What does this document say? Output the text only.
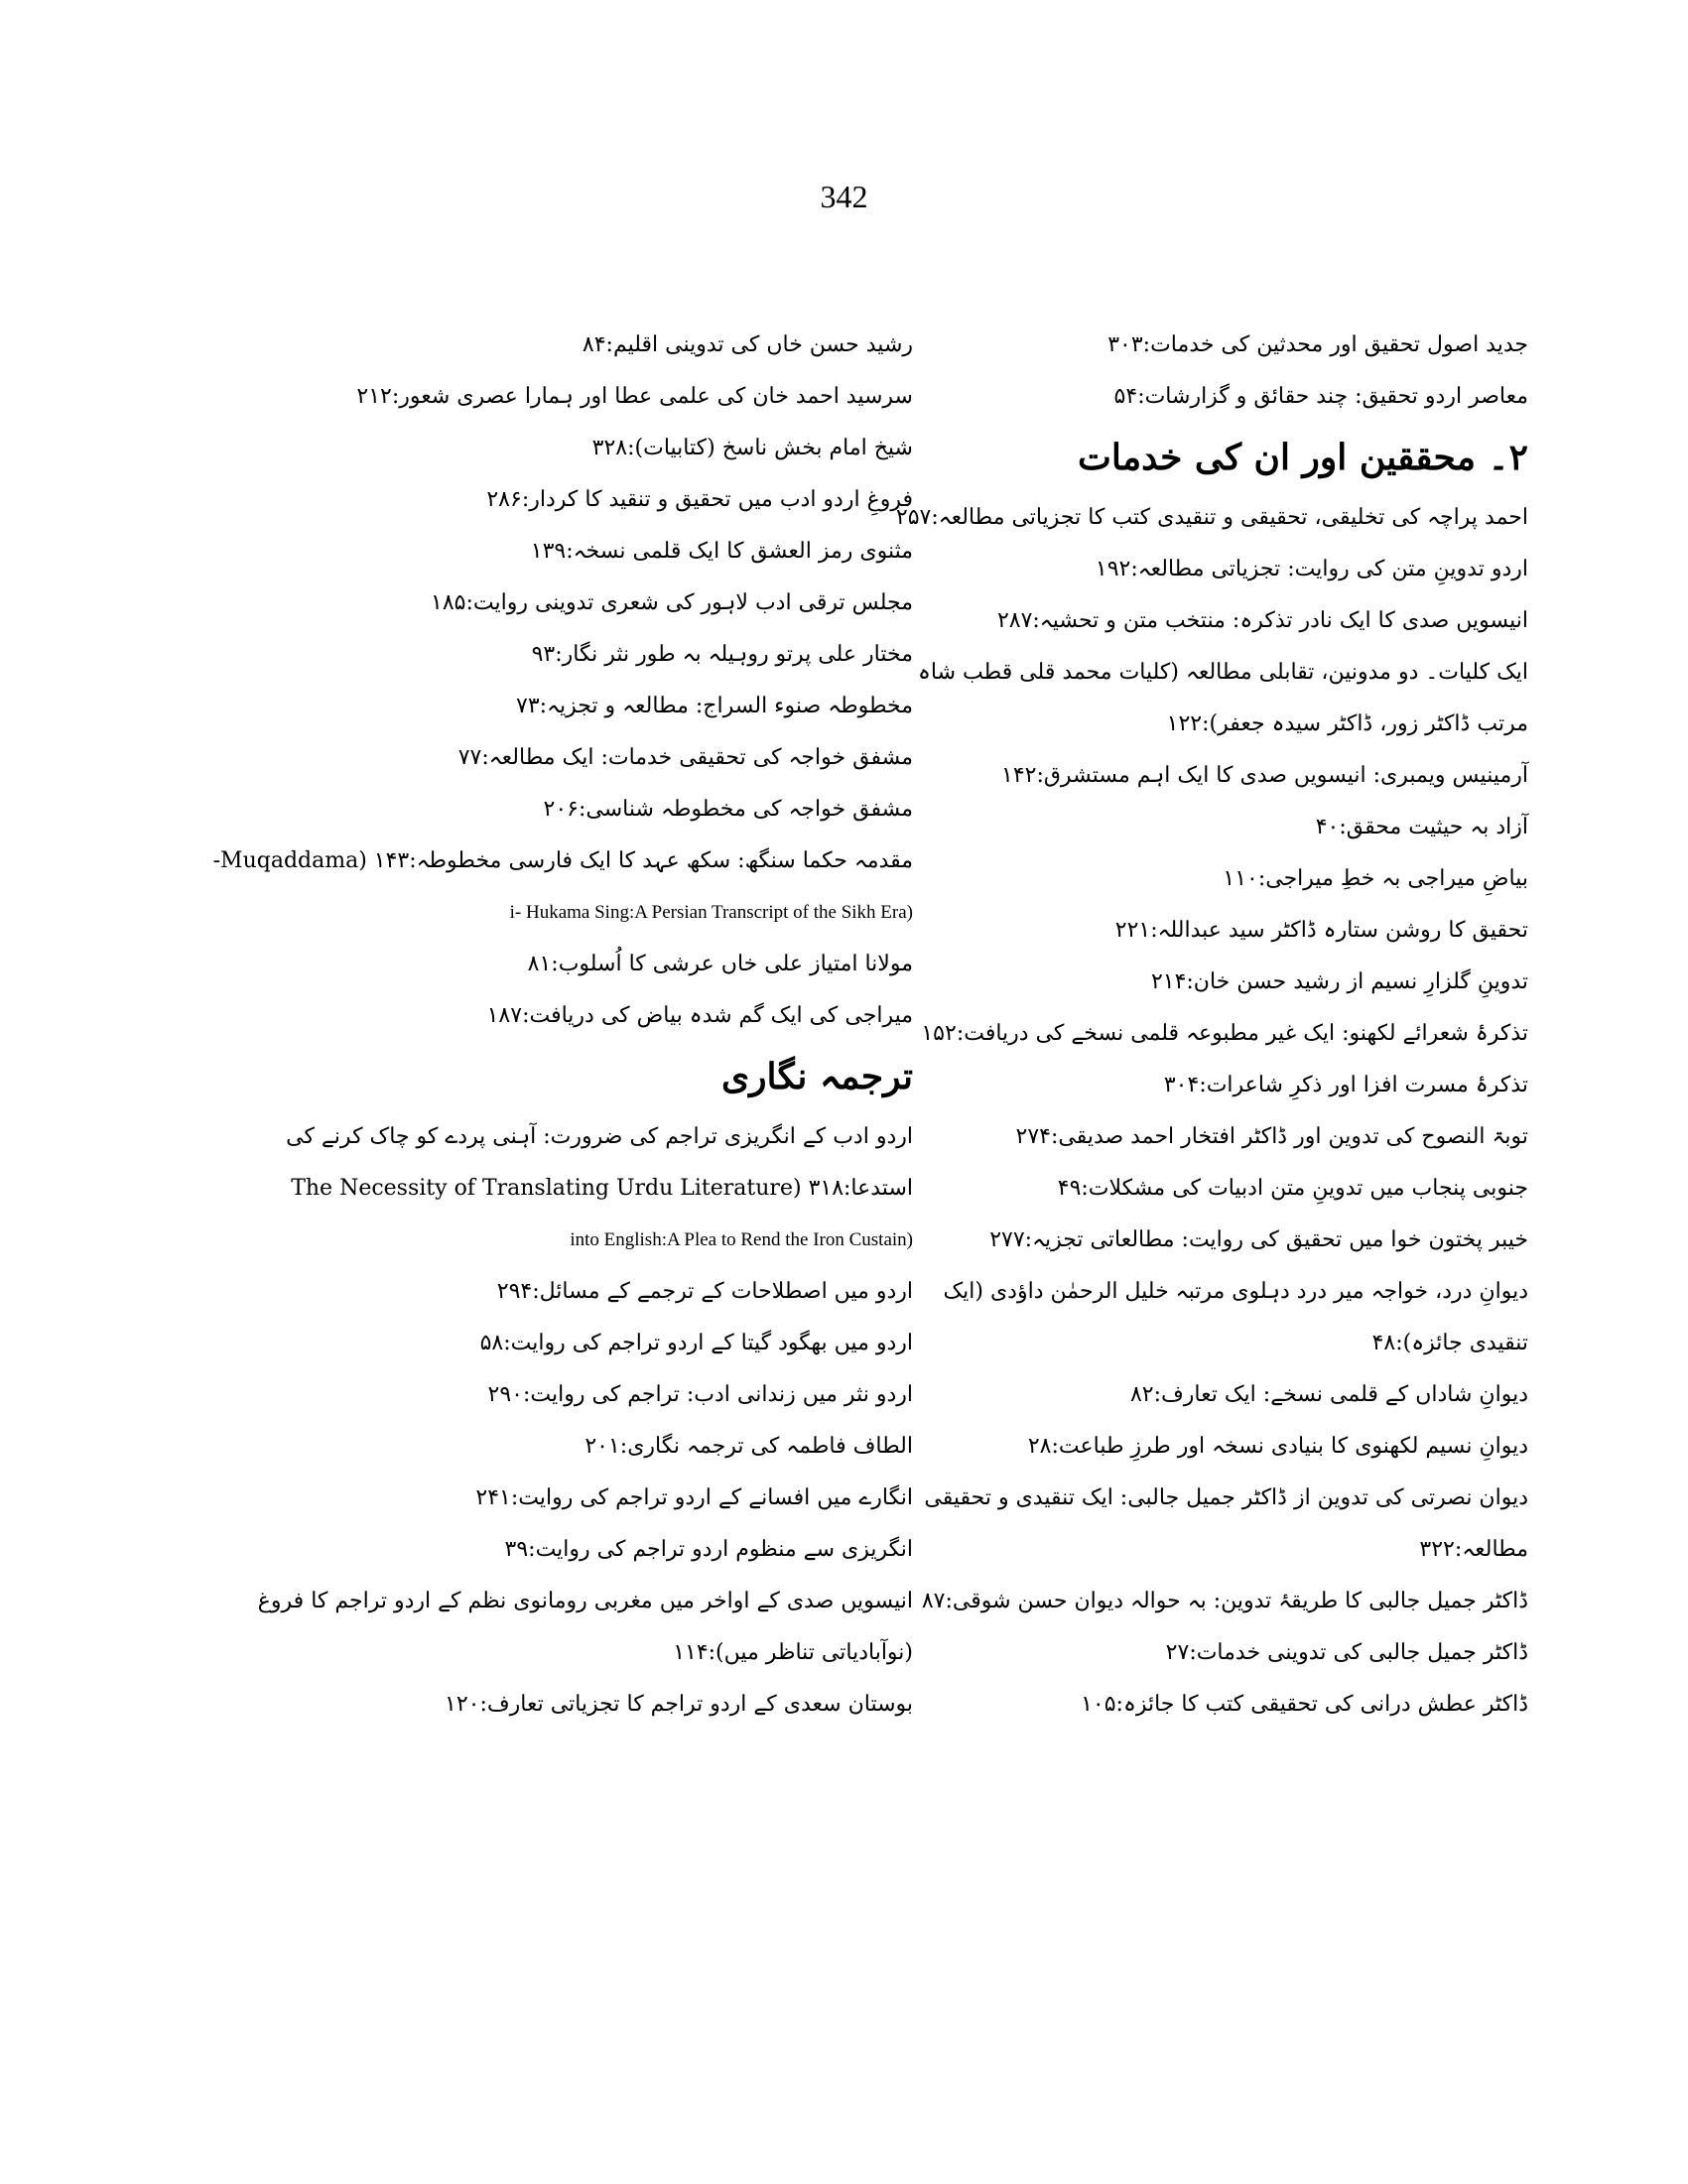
342
جدید اصول تحقیق اور محدثین کی خدمات:۳۰۳
معاصر اردو تحقیق: چند حقائق و گزارشات:۵۴
۲۔ محققین اور ان کی خدمات
احمد پراچہ کی تخلیقی، تحقیقی و تنقیدی کتب کا تجزیاتی مطالعہ:۲۵۷
اردو تدوینِ متن کی روایت: تجزیاتی مطالعہ:۱۹۲
انیسویں صدی کا ایک نادر تذکرہ: منتخب متن و تحشیہ:۲۸۷
ایک کلیات۔ دو مدونین، تقابلی مطالعہ (کلیات محمد قلی قطب شاہ مرتب ڈاکٹر زور، ڈاکٹر سیدہ جعفر):۱۲۲
آرمینیس ویمبری: انیسویں صدی کا ایک اہم مستشرق:۱۴۲
آزاد بہ حیثیت محقق:۴۰
بیاضِ میراجی بہ خطِ میراجی:۱۱۰
تحقیق کا روشن ستارہ ڈاکٹر سید عبداللہ:۲۲۱
تدوینِ گلزارِ نسیم از رشید حسن خان:۲۱۴
تذکرۂ شعرائے لکھنو: ایک غیر مطبوعہ قلمی نسخے کی دریافت:۱۵۲
تذکرۂ مسرت افزا اور ذکرِ شاعرات:۳۰۴
توبۃ النصوح کی تدوین اور ڈاکٹر افتخار احمد صدیقی:۲۷۴
جنوبی پنجاب میں تدوینِ متن ادبیات کی مشکلات:۴۹
خیبر پختون خوا میں تحقیق کی روایت: مطالعاتی تجزیہ:۲۷۷
دیوانِ درد، خواجہ میر درد دہلوی مرتبہ خلیل الرحمٰن داؤدی (ایک تنقیدی جائزہ):۴۸
دیوانِ شاداں کے قلمی نسخے: ایک تعارف:۸۲
دیوانِ نسیم لکھنوی کا بنیادی نسخہ اور طرزِ طباعت:۲۸
دیوان نصرتی کی تدوین از ڈاکٹر جمیل جالبی: ایک تنقیدی و تحقیقی مطالعہ:۳۲۲
ڈاکٹر جمیل جالبی کا طریقۂ تدوین: بہ حوالہ دیوان حسن شوقی:۸۷
ڈاکٹر جمیل جالبی کی تدوینی خدمات:۲۷
ڈاکٹر عطش درانی کی تحقیقی کتب کا جائزہ:۱۰۵
رشید حسن خاں کی تدوینی اقلیم:۸۴
سرسید احمد خان کی علمی عطا اور ہمارا عصری شعور:۲۱۲
شیخ امام بخش ناسخ (کتابیات):۳۲۸
فروغِ اردو ادب میں تحقیق و تنقید کا کردار:۲۸۶
مثنوی رمز العشق کا ایک قلمی نسخہ:۱۳۹
مجلس ترقی ادب لاہور کی شعری تدوینی روایت:۱۸۵
مختار علی پرتو روہیلہ بہ طور نثر نگار:۹۳
مخطوطہ صنوء السراج: مطالعہ و تجزیہ:۷۳
مشفق خواجہ کی تحقیقی خدمات: ایک مطالعہ:۷۷
مشفق خواجہ کی مخطوطہ شناسی:۲۰۶
مقدمہ حکما سنگھ: سکھ عہد کا ایک فارسی مخطوطہ:۱۴۳ (Muqaddama-
i- Hukama Sing:A Persian Transcript of the Sikh Era)
مولانا امتیاز علی خاں عرشی کا اُسلوب:۸۱
میراجی کی ایک گم شدہ بیاض کی دریافت:۱۸۷
ترجمہ نگاری
اردو ادب کے انگریزی تراجم کی ضرورت: آہنی پردے کو چاک کرنے کی
استدعا:۳۱۸ (The Necessity of Translating Urdu Literature
into English:A Plea to Rend the Iron Custain)
اردو میں اصطلاحات کے ترجمے کے مسائل:۲۹۴
اردو میں بھگود گیتا کے اردو تراجم کی روایت:۵۸
اردو نثر میں زندانی ادب: تراجم کی روایت:۲۹۰
الطاف فاطمہ کی ترجمہ نگاری:۲۰۱
انگارے میں افسانے کے اردو تراجم کی روایت:۲۴۱
انگریزی سے منظوم اردو تراجم کی روایت:۳۹
انیسویں صدی کے اواخر میں مغربی رومانوی نظم کے اردو تراجم کا فروغ
(نوآبادیاتی تناظر میں):۱۱۴
بوستان سعدی کے اردو تراجم کا تجزیاتی تعارف:۱۲۰
